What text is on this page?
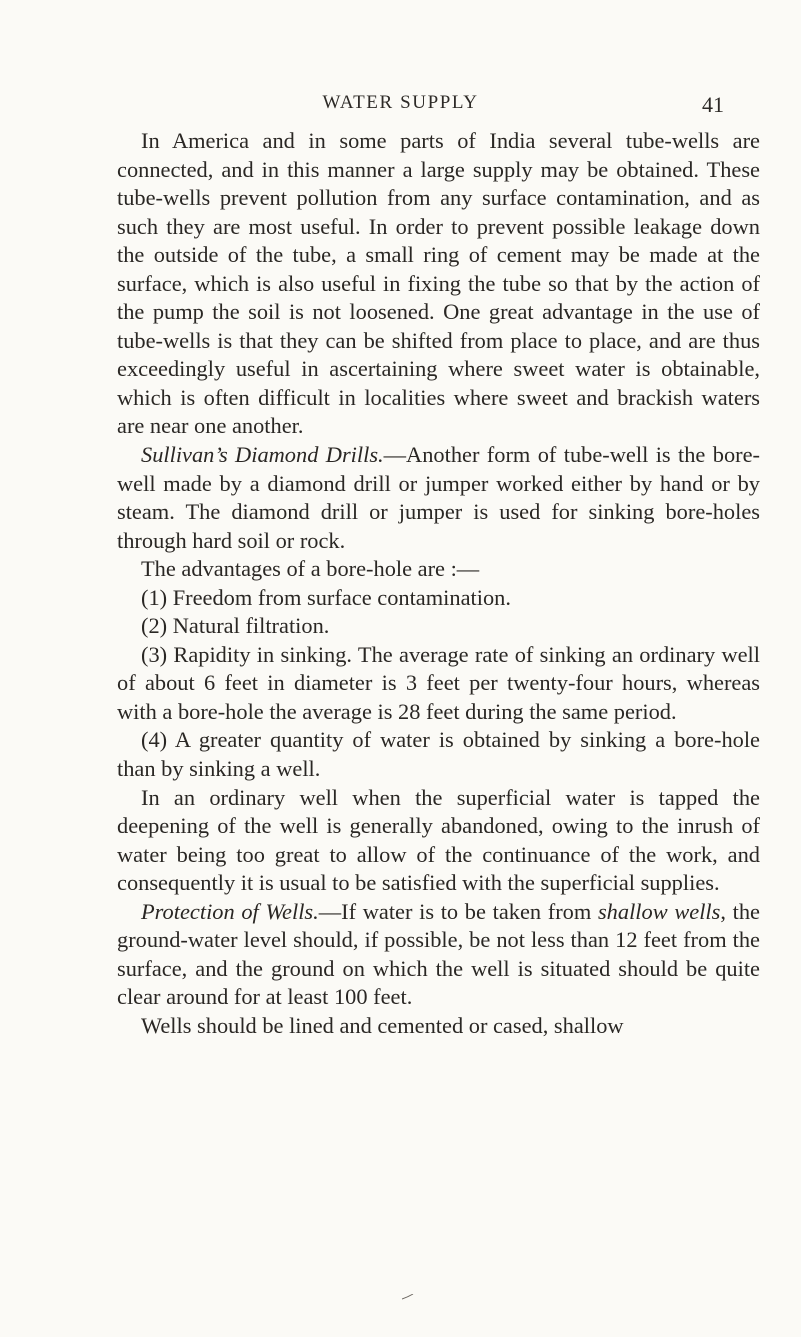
WATER SUPPLY	41

In America and in some parts of India several tube-wells are connected, and in this manner a large supply may be obtained. These tube-wells prevent pollution from any surface contamination, and as such they are most useful. In order to prevent possible leakage down the outside of the tube, a small ring of cement may be made at the surface, which is also useful in fixing the tube so that by the action of the pump the soil is not loosened. One great advantage in the use of tube-wells is that they can be shifted from place to place, and are thus exceedingly useful in ascertaining where sweet water is obtainable, which is often difficult in localities where sweet and brackish waters are near one another.

Sullivan’s Diamond Drills.—Another form of tube-well is the bore-well made by a diamond drill or jumper worked either by hand or by steam. The diamond drill or jumper is used for sinking bore-holes through hard soil or rock.

The advantages of a bore-hole are :—

(1) Freedom from surface contamination.

(2) Natural filtration.

(3) Rapidity in sinking. The average rate of sinking an ordinary well of about 6 feet in diameter is 3 feet per twenty-four hours, whereas with a bore-hole the average is 28 feet during the same period.

(4) A greater quantity of water is obtained by sinking a bore-hole than by sinking a well.

In an ordinary well when the superficial water is tapped the deepening of the well is generally abandoned, owing to the inrush of water being too great to allow of the continuance of the work, and consequently it is usual to be satisfied with the superficial supplies.

Protection of Wells.—If water is to be taken from shallow wells, the ground-water level should, if possible, be not less than 12 feet from the surface, and the ground on which the well is situated should be quite clear around for at least 100 feet.

Wells should be lined and cemented or cased, shallow
